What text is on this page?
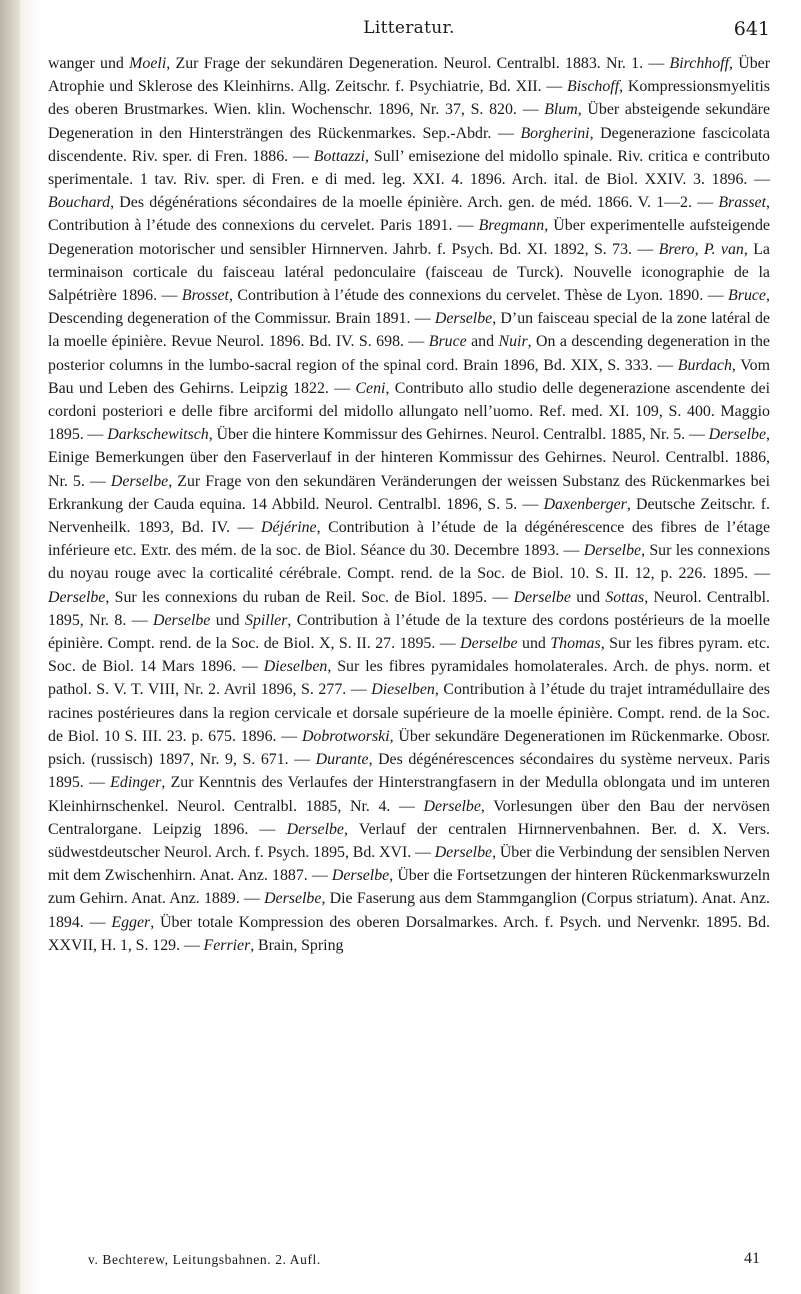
Litteratur.	641

wanger und Moeli, Zur Frage der sekundären Degeneration. Neurol. Centralbl. 1883. Nr. 1. — Birchhoff, Über Atrophie und Sklerose des Kleinhirns. Allg. Zeitschr. f. Psychiatrie, Bd. XII. — Bischoff, Kompressionsmyelitis des oberen Brustmarkes. Wien. klin. Wochenschr. 1896, Nr. 37, S. 820. — Blum, Über absteigende sekundäre Degeneration in den Hintersträngen des Rückenmarkes. Sep.-Abdr. — Borgherini, Degenerazione fascicolata discendente. Riv. sper. di Fren. 1886. — Bottazzi, Sull’ emisezione del midollo spinale. Riv. critica e contributo sperimentale. 1 tav. Riv. sper. di Fren. e di med. leg. XXI. 4. 1896. Arch. ital. de Biol. XXIV. 3. 1896. — Bouchard, Des dégénérations sécondaires de la moelle épinière. Arch. gen. de méd. 1866. V. 1—2. — Brasset, Contribution à l’étude des connexions du cervelet. Paris 1891. — Bregmann, Über experimentelle aufsteigende Degeneration motorischer und sensibler Hirnnerven. Jahrb. f. Psych. Bd. XI. 1892, S. 73. — Brero, P. van, La terminaison corticale du faisceau latéral pedonculaire (faisceau de Turck). Nouvelle iconographie de la Salpétrière 1896. — Brosset, Contribution à l’étude des connexions du cervelet. Thèse de Lyon. 1890. — Bruce, Descending degeneration of the Commissur. Brain 1891. — Derselbe, D’un faisceau special de la zone latéral de la moelle épinière. Revue Neurol. 1896. Bd. IV. S. 698. — Bruce and Nuir, On a descending degeneration in the posterior columns in the lumbo-sacral region of the spinal cord. Brain 1896, Bd. XIX, S. 333. — Burdach, Vom Bau und Leben des Gehirns. Leipzig 1822. — Ceni, Contributo allo studio delle degenerazione ascendente dei cordoni posteriori e delle fibre arciformi del midollo allungato nell’uomo. Ref. med. XI. 109, S. 400. Maggio 1895. — Darkschewitsch, Über die hintere Kommissur des Gehirnes. Neurol. Centralbl. 1885, Nr. 5. — Derselbe, Einige Bemerkungen über den Faserverlauf in der hinteren Kommissur des Gehirnes. Neurol. Centralbl. 1886, Nr. 5. — Derselbe, Zur Frage von den sekundären Veränderungen der weissen Substanz des Rückenmarkes bei Erkrankung der Cauda equina. 14 Abbild. Neurol. Centralbl. 1896, S. 5. — Daxenberger, Deutsche Zeitschr. f. Nervenheilk. 1893, Bd. IV. — Déjérine, Contribution à l’étude de la dégénérescence des fibres de l’étage inférieure etc. Extr. des mém. de la soc. de Biol. Séance du 30. Decembre 1893. — Derselbe, Sur les connexions du noyau rouge avec la corticalité cérébrale. Compt. rend. de la Soc. de Biol. 10. S. II. 12, p. 226. 1895. — Derselbe, Sur les connexions du ruban de Reil. Soc. de Biol. 1895. — Derselbe und Sottas, Neurol. Centralbl. 1895, Nr. 8. — Derselbe und Spiller, Contribution à l’étude de la texture des cordons postérieurs de la moelle épinière. Compt. rend. de la Soc. de Biol. X, S. II. 27. 1895. — Derselbe und Thomas, Sur les fibres pyram. etc. Soc. de Biol. 14 Mars 1896. — Dieselben, Sur les fibres pyramidales homolaterales. Arch. de phys. norm. et pathol. S. V. T. VIII, Nr. 2. Avril 1896, S. 277. — Dieselben, Contribution à l’étude du trajet intramédullaire des racines postérieures dans la region cervicale et dorsale supérieure de la moelle épinière. Compt. rend. de la Soc. de Biol. 10 S. III. 23. p. 675. 1896. — Dobrotworski, Über sekundäre Degenerationen im Rückenmarke. Obosr. psich. (russisch) 1897, Nr. 9, S. 671. — Durante, Des dégénérescences sécondaires du système nerveux. Paris 1895. — Edinger, Zur Kenntnis des Verlaufes der Hinterstrangfasern in der Medulla oblongata und im unteren Kleinhirnschenkel. Neurol. Centralbl. 1885, Nr. 4. — Derselbe, Vorlesungen über den Bau der nervösen Centralorgane. Leipzig 1896. — Derselbe, Verlauf der centralen Hirnnervenbahnen. Ber. d. X. Vers. südwestdeutscher Neurol. Arch. f. Psych. 1895, Bd. XVI. — Derselbe, Über die Verbindung der sensiblen Nerven mit dem Zwischenhirn. Anat. Anz. 1887. — Derselbe, Über die Fortsetzungen der hinteren Rückenmarkswurzeln zum Gehirn. Anat. Anz. 1889. — Derselbe, Die Faserung aus dem Stammganglion (Corpus striatum). Anat. Anz. 1894. — Egger, Über totale Kompression des oberen Dorsalmarkes. Arch. f. Psych. und Nervenkr. 1895. Bd. XXVII, H. 1, S. 129. — Ferrier, Brain, Spring

v. Bechterew, Leitungsbahnen. 2. Aufl.	41
